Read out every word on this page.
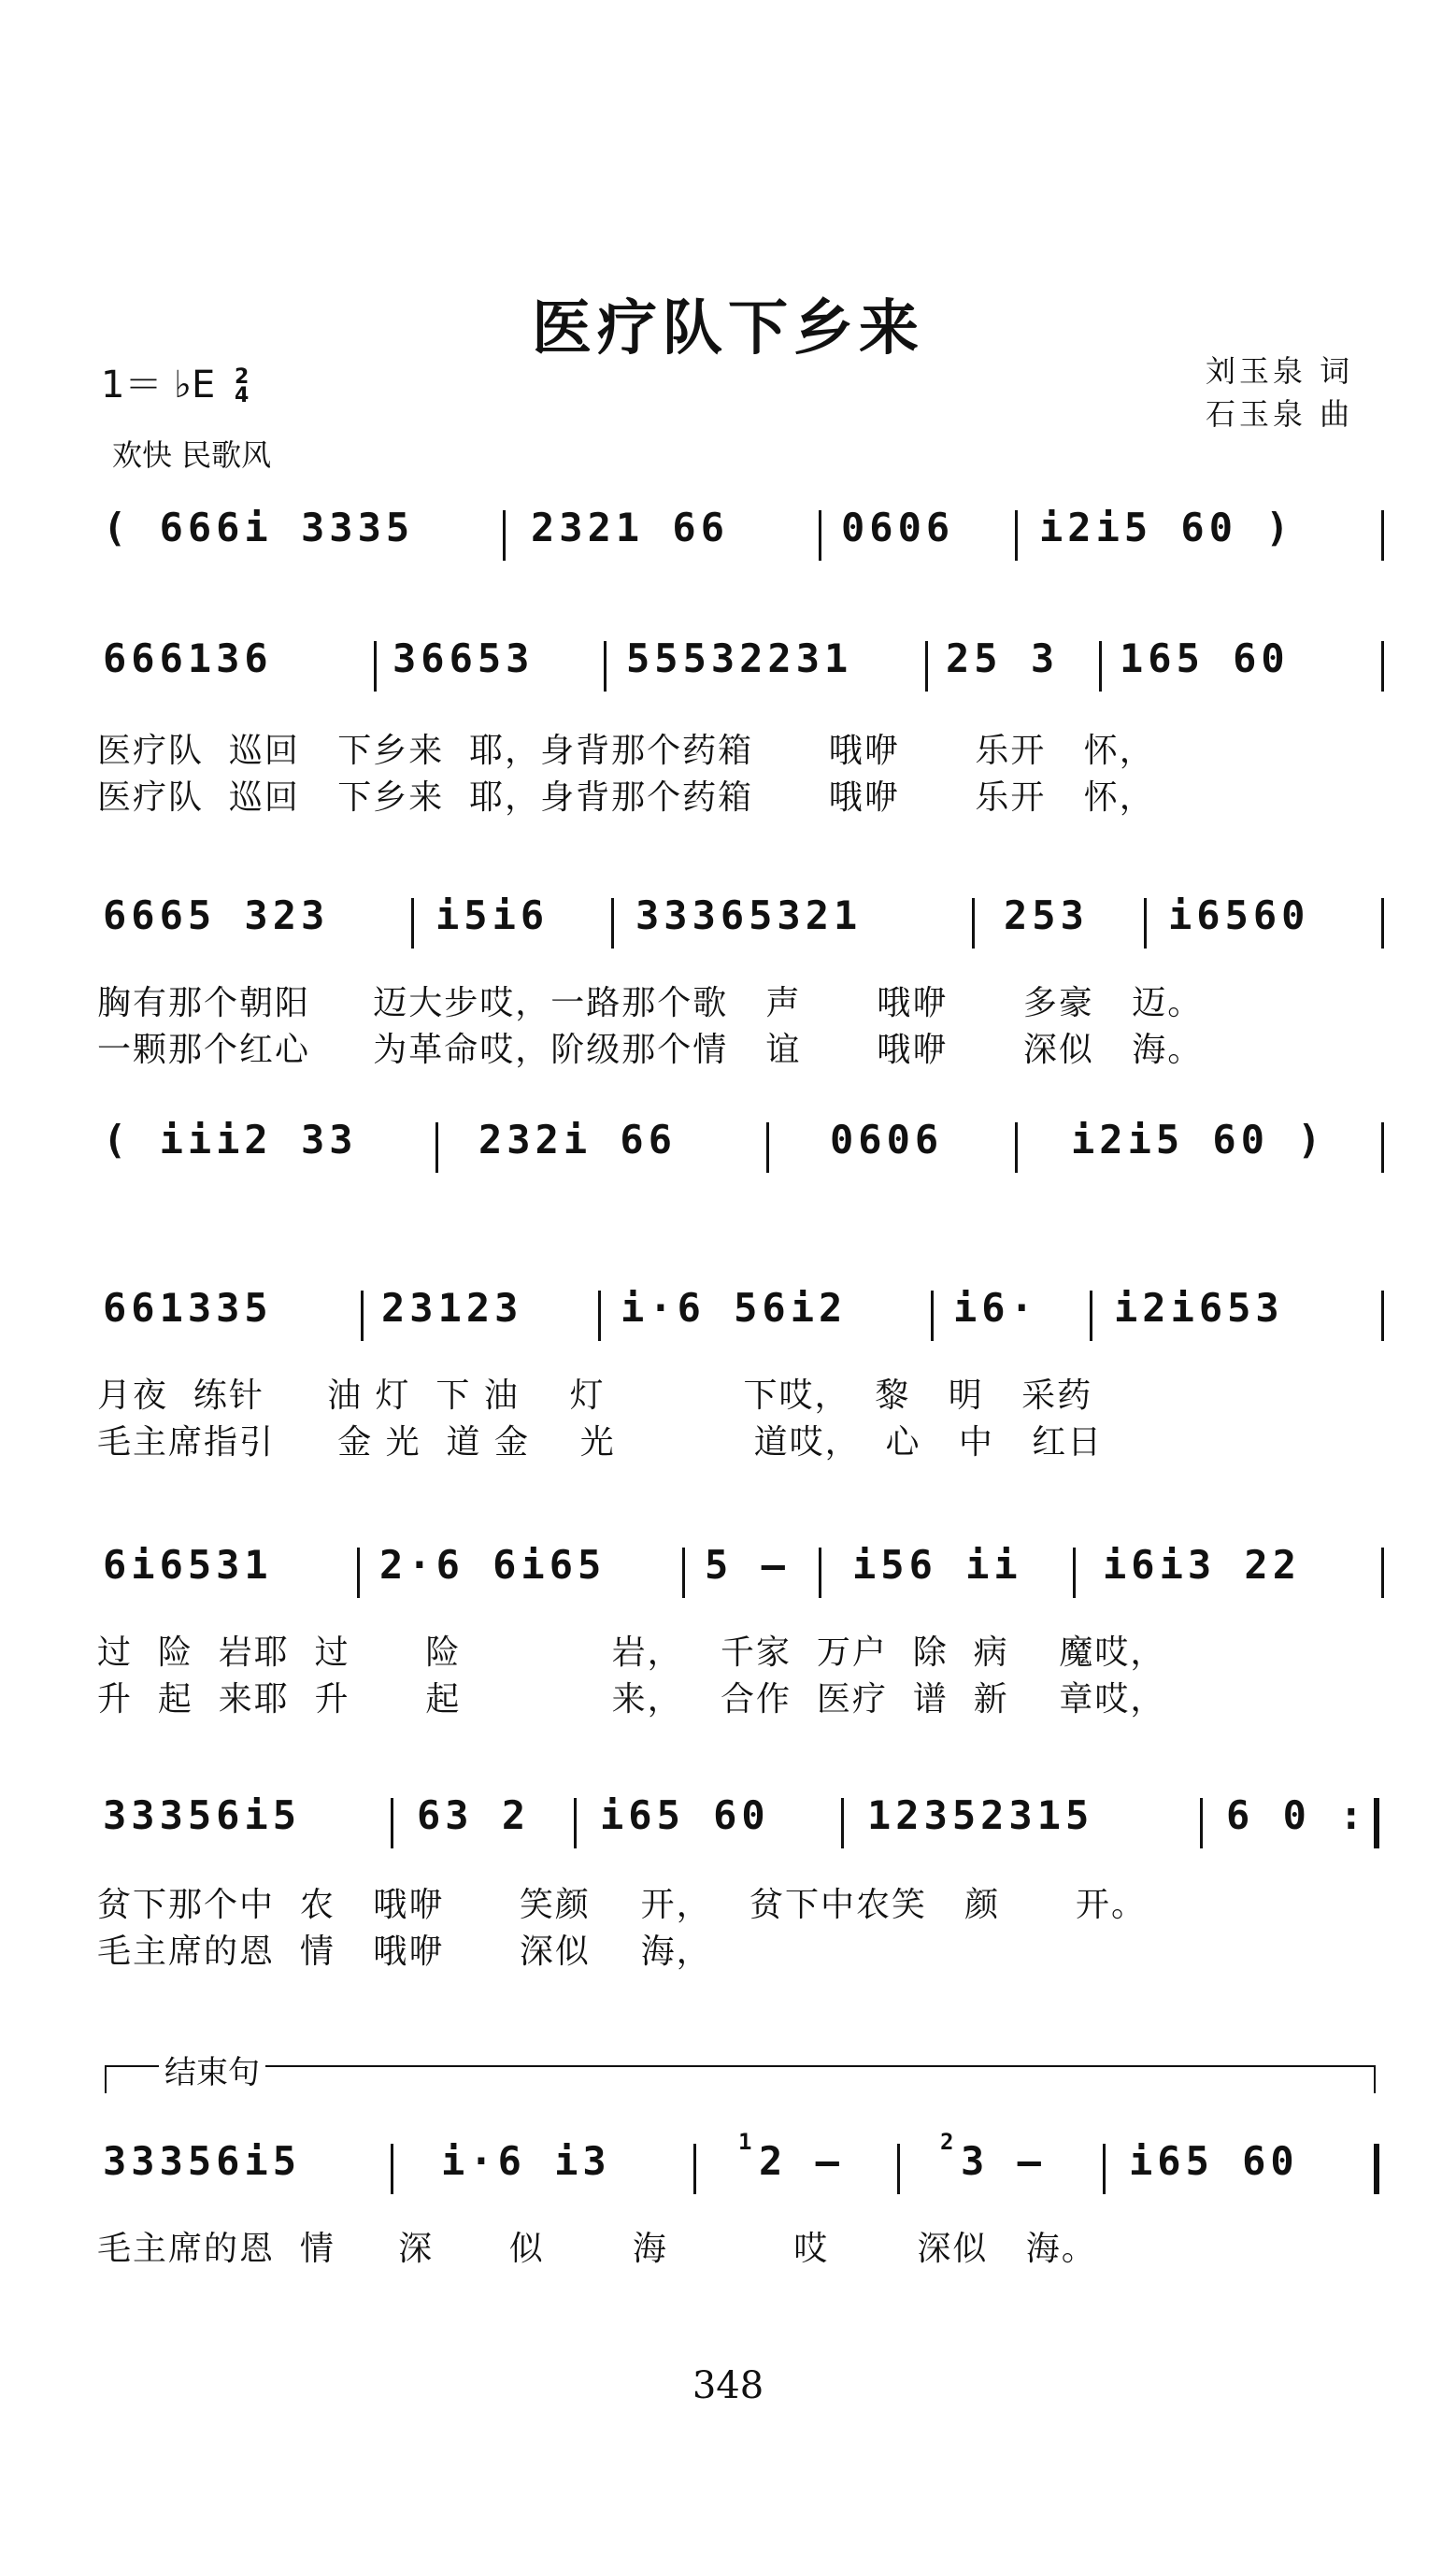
医疗队下乡来
1＝ ♭E 2
4
欢快 民歌风
刘玉泉 词
石玉泉 曲
( 666i 3335	2321 66	0606 i2i5 60 )
666136	36653 55532231 25 3 165 60
医疗队  巡回   下乡来  耶，身背那个药箱      哦咿      乐开   怀，
医疗队  巡回   下乡来  耶，身背那个药箱      哦咿      乐开   怀，
6665 323	i5i6 33365321	253 i6560
胸有那个朝阳     迈大步哎，一路那个歌   声      哦咿      多豪   迈。
一颗那个红心     为革命哎，阶级那个情   谊      哦咿      深似   海。
( iii2 33	232i 66	0606	i2i5 60 )
661335	23123 i·6 56i2	i6· i2i653
月夜  练针     油 灯  下 油    灯           下哎，  黎   明   采药
毛主席指引     金 光  道 金    光           道哎，  心   中   红日
6i6531	2·6 6i65	5 – i56 ii i6i3 22
过  险  岩耶  过      险            岩，   千家  万户  除  病    魔哎，
升  起  来耶  升      起            来，   合作  医疗  谱  新    章哎，
33356i5	63 2 i65 60 12352315	6 0 :
贫下那个中  农   哦咿      笑颜    开，   贫下中农笑   颜      开。
毛主席的恩  情   哦咿      深似    海，
结束句
33356i5	i·6 i3	1 2 –	2 3 – i65 60
毛主席的恩  情     深      似       海          哎       深似   海。
348
